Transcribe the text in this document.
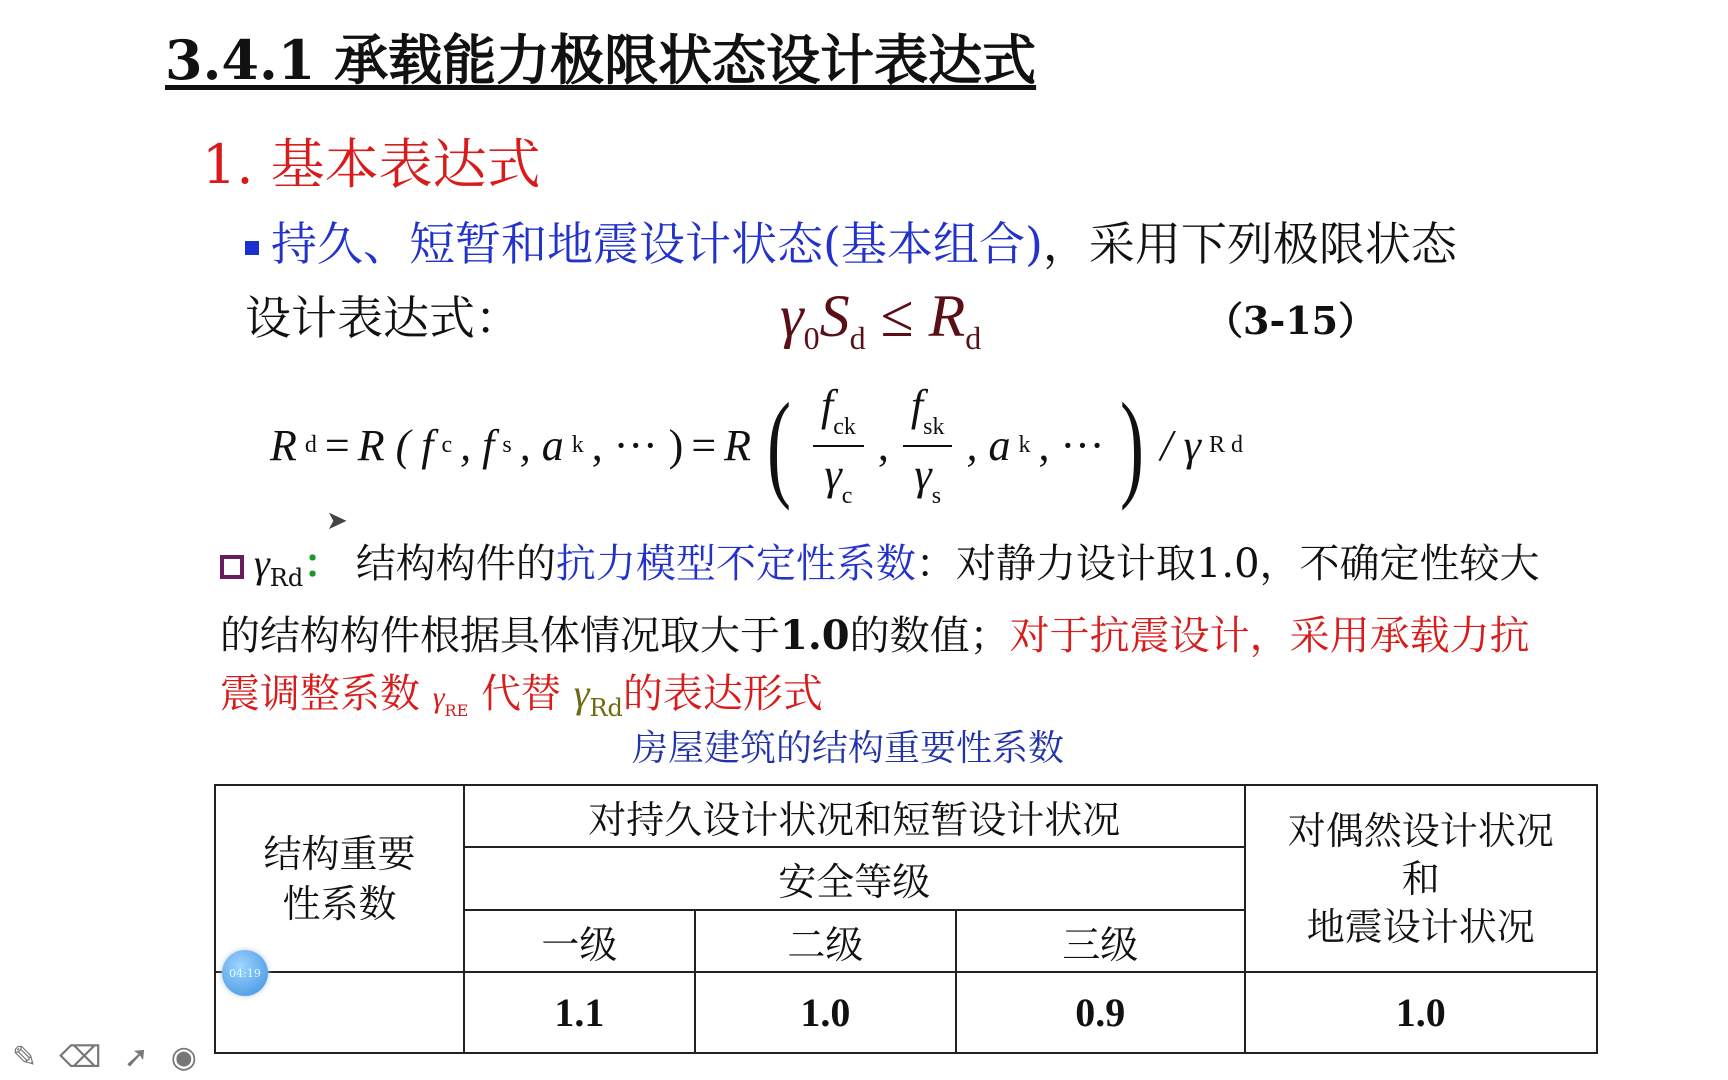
3.4.1 承载能力极限状态设计表达式
1. 基本表达式
持久、短暂和地震设计状态(基本组合)，采用下列极限状态
设计表达式：	$\gamma_0S_d \le R_d$	（3-15）
R d = R ( f c , f s , a k , ··· ) = R ( $\frac{f_{ck}}{\gamma_c}$ , $\frac{f_{sk}}{\gamma_s}$ , a k , ··· ) / γ R d
➤
$\gamma_{Rd}$： 结构构件的抗力模型不定性系数：对静力设计取1.0，不确定性较大的结构构件根据具体情况取大于1.0的数值；对于抗震设计，采用承载力抗震调整系数 $\gamma_{RE}$ 代替 $\gamma_{Rd}$的表达形式
房屋建筑的结构重要性系数
结构重要
性系数	对持久设计状况和短暂设计状况			对偶然设计状况
和
地震设计状况
	安全等级			
	一级	二级	三级	
	1.1	1.0	0.9	1.0
04:19
✎ ⌫ ➚ ◉
